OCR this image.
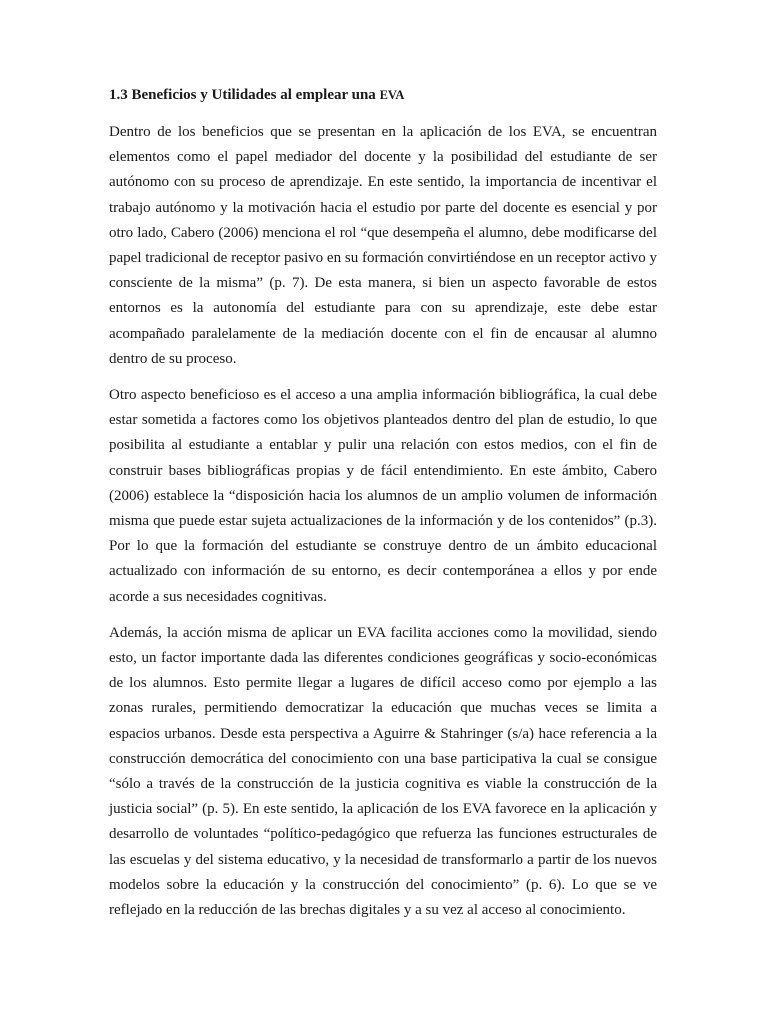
1.3 Beneficios y Utilidades al emplear una EVA

Dentro de los beneficios que se presentan en la aplicación de los EVA, se encuentran elementos como el papel mediador del docente y la posibilidad del estudiante de ser autónomo con su proceso de aprendizaje. En este sentido, la importancia de incentivar el trabajo autónomo y la motivación hacia el estudio por parte del docente es esencial y por otro lado, Cabero (2006) menciona el rol “que desempeña el alumno, debe modificarse del papel tradicional de receptor pasivo en su formación convirtiéndose en un receptor activo y consciente de la misma” (p. 7). De esta manera, si bien un aspecto favorable de estos entornos es la autonomía del estudiante para con su aprendizaje, este debe estar acompañado paralelamente de la mediación docente con el fin de encausar al alumno dentro de su proceso.

Otro aspecto beneficioso es el acceso a una amplia información bibliográfica, la cual debe estar sometida a factores como los objetivos planteados dentro del plan de estudio, lo que posibilita al estudiante a entablar y pulir una relación con estos medios, con el fin de construir bases bibliográficas propias y de fácil entendimiento. En este ámbito, Cabero (2006) establece la “disposición hacia los alumnos de un amplio volumen de información misma que puede estar sujeta actualizaciones de la información y de los contenidos” (p.3). Por lo que la formación del estudiante se construye dentro de un ámbito educacional actualizado con información de su entorno, es decir contemporánea a ellos y por ende acorde a sus necesidades cognitivas.

Además, la acción misma de aplicar un EVA facilita acciones como la movilidad, siendo esto, un factor importante dada las diferentes condiciones geográficas y socio-económicas de los alumnos. Esto permite llegar a lugares de difícil acceso como por ejemplo a las zonas rurales, permitiendo democratizar la educación que muchas veces se limita a espacios urbanos. Desde esta perspectiva a Aguirre & Stahringer (s/a) hace referencia a la construcción democrática del conocimiento con una base participativa la cual se consigue “sólo a través de la construcción de la justicia cognitiva es viable la construcción de la justicia social” (p. 5). En este sentido, la aplicación de los EVA favorece en la aplicación y desarrollo de voluntades “político-pedagógico que refuerza las funciones estructurales de las escuelas y del sistema educativo, y la necesidad de transformarlo a partir de los nuevos modelos sobre la educación y la construcción del conocimiento” (p. 6). Lo que se ve reflejado en la reducción de las brechas digitales y a su vez al acceso al conocimiento.
